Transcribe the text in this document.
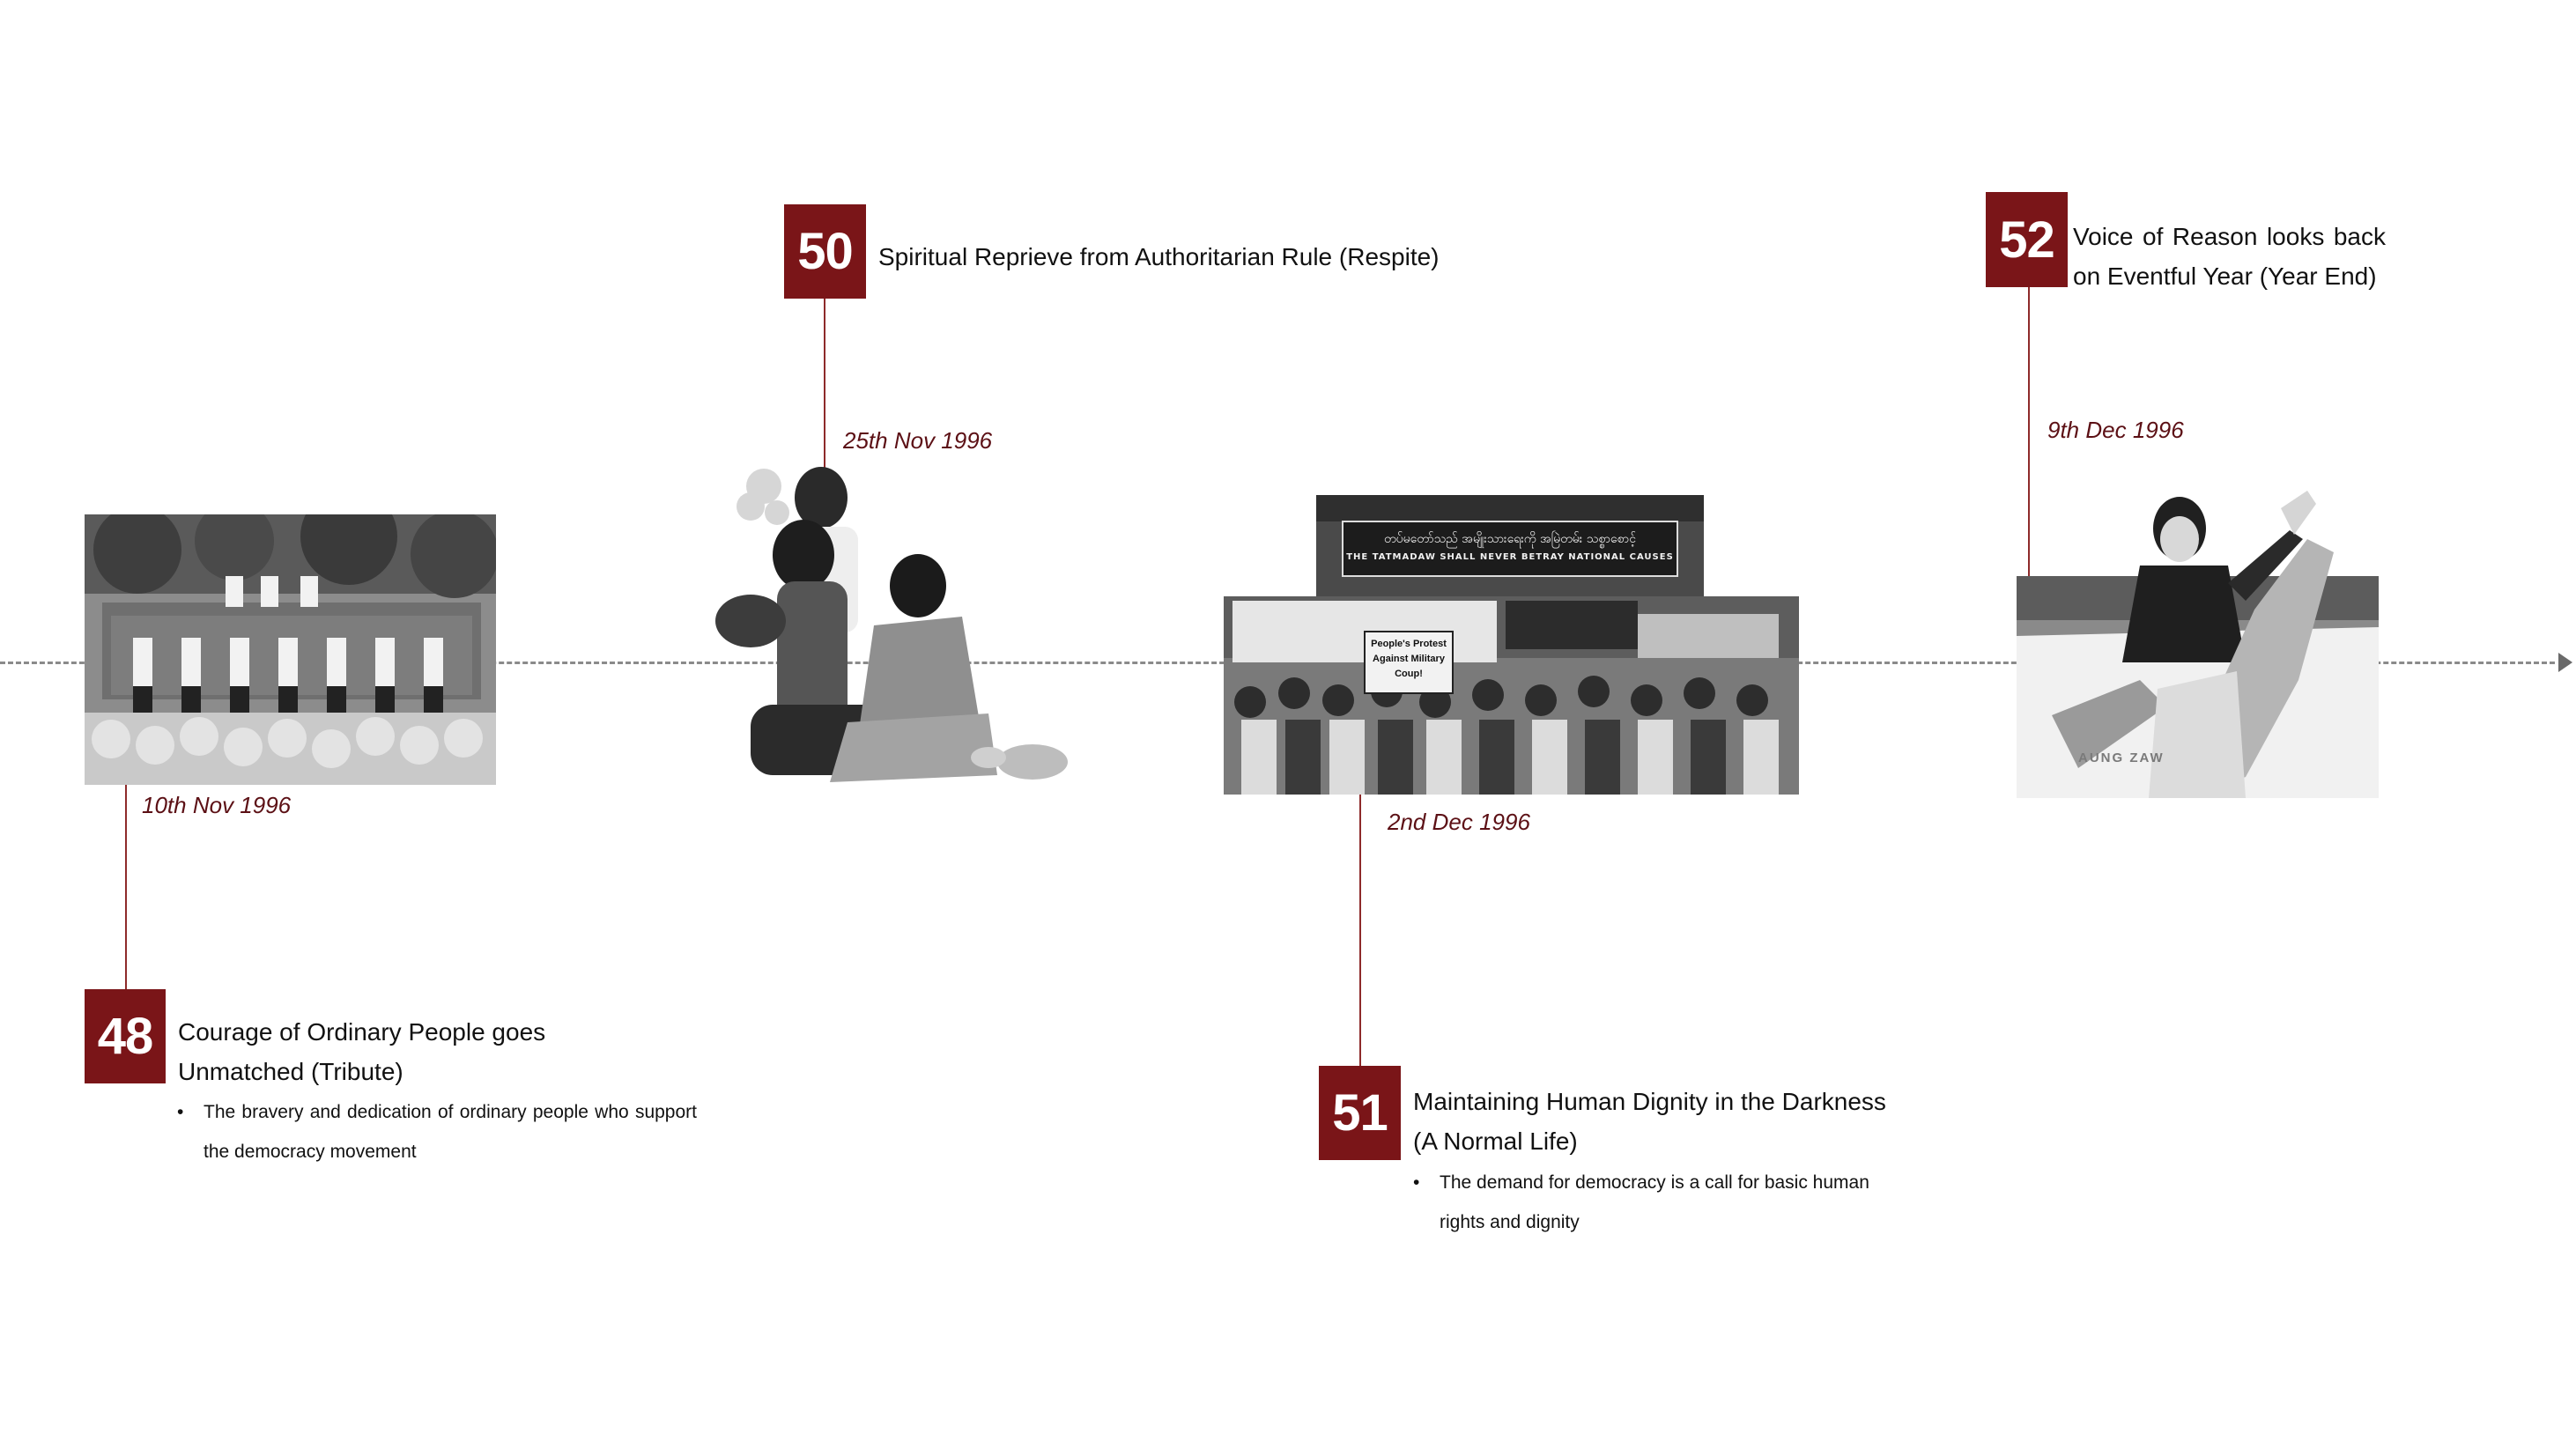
10th Nov 1996
48	Courage of Ordinary People goes Unmatched (Tribute)
• The bravery and dedication of ordinary people who support the democracy movement
50	Spiritual Reprieve from Authoritarian Rule (Respite)
25th Nov 1996
တပ်မတော်သည် အမျိုးသားရေးကို အမြဲတမ်း သစ္စာစောင့်
THE TATMADAW SHALL NEVER BETRAY NATIONAL CAUSES
People's Protest Against Military Coup!
2nd Dec 1996
51	Maintaining Human Dignity in the Darkness (A Normal Life)
• The demand for democracy is a call for basic human rights and dignity
52 Voice of Reason looks back on Eventful Year (Year End)
9th Dec 1996
AUNG ZAW
